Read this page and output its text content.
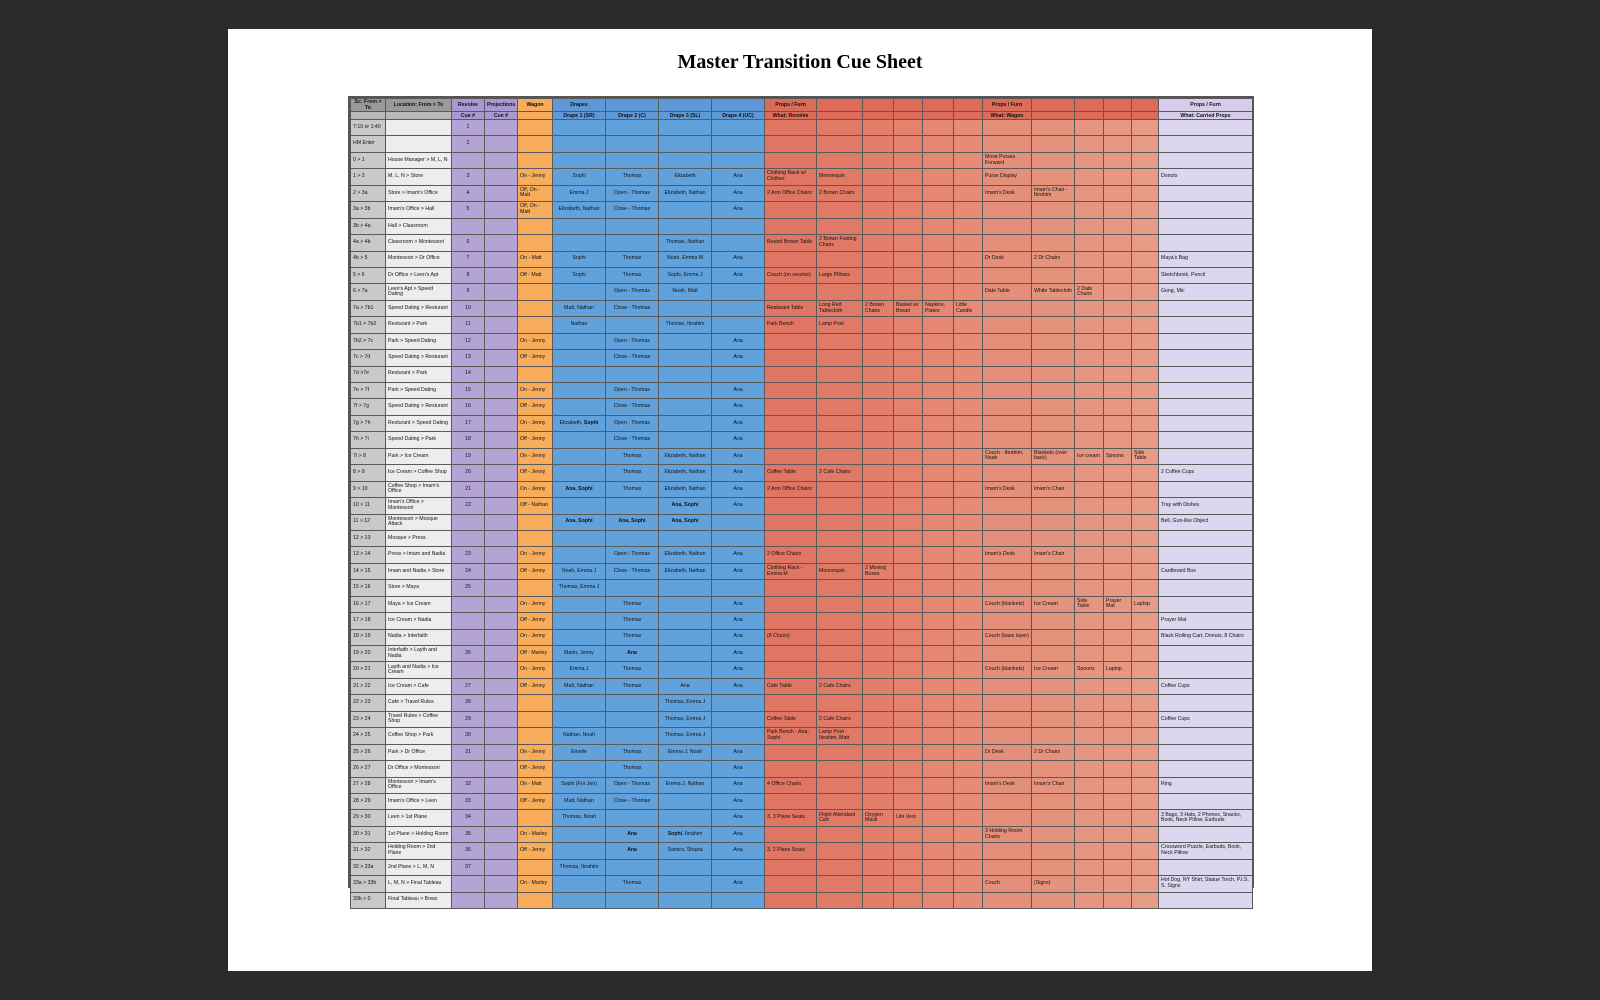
Master Transition Cue Sheet
Sc: From > To	Location: From > To	Revolve	Projections	Wagon	Drapes				Props / Furn						Props / Furn					Props / Furn
		Cue #	Cue #		Drape 1 (SR)	Drape 2 (C)	Drape 3 (SL)	Drape 4 (UC)	What: Revolve						What: Wagon					What: Carried Props
7:10 or 1:40		1																		
HM Enter		2																		
0 > 1	House Manager > M, L, N														Move Purses Forward					
1 > 2	M, L, N > Store	3		On - Jenny	Sophi	Thomas	Elizabeth	Ana	Clothing Rack w/ Clothes	Mennequin					Purse Display					Donuts
2 > 3a	Store > Imam's Office	4		Off, On - Matt	Emma J	Open - Thomas	Elizabeth, Nathan	Ana	2 Arm Office Chairs	2 Brown Chairs					Imam's Desk	Imam's Chair - Ibrahim				
3a > 3b	Imam's Office > Hall	5		Off, On - Matt	Elizabeth, Nathan	Close - Thomas		Ana												
3b > 4a	Hall > Classroom																			
4a > 4b	Classroom > Montessori	6					Thomas, Nathan		Round Brown Table	2 Brown Folding Chairs										
4b > 5	Montessori > Dr Office	7		On - Matt	Sophi	Thomas	Noah, Emma M	Ana							Dr Desk	2 Dr Chairs				Maya's Bag
5 > 6	Dr Office > Leen's Apt	8		Off - Matt	Sophi	Thomas	Sophi, Emma J	Ana	Couch (on revolve)	Large Pillows										Sketchbook, Pencil
6 > 7a	Leen's Apt > Speed Dating	9				Open - Thomas	Noah, Matt								Date Table	White Tablecloth	2 Date Chairs			Gong, Mic
7a > 7b1	Speed Dating > Resturant	10			Matt, Nathan	Close - Thomas			Resturant Table	Long Red Tablecloth	2 Brown Chairs	Basket w/ Bread	Napkins, Plates	Little Candle						
7b1 > 7b2	Resturant > Park	11			Nathan		Thomas, Ibrahim		Park Bench	Lamp Post										
7b2 > 7c	Park > Speed Dating	12		On - Jenny		Open - Thomas		Ana												
7c > 7d	Speed Dating > Resturant	13		Off - Jenny		Close - Thomas		Ana												
7d >7e	Resturant > Park	14																		
7e > 7f	Park > Speed Dating	15		On - Jenny		Open - Thomas		Ana												
7f > 7g	Speed Dating > Resturant	16		Off - Jenny		Close - Thomas		Ana												
7g > 7h	Resturant > Speed Dating	17		On - Jenny	Elizabeth, Sophi	Open - Thomas		Ana												
7h > 7i	Speed Dating > Park	18		Off - Jenny		Close - Thomas		Ana												
7i > 8	Park > Ice Cream	19		On - Jenny		Thomas	Elizabeth, Nathan	Ana							Couch - Ibrahim, Noah	Blankets (over back)	Ice cream	Spoons	Side Table	
8 > 9	Ice Cream > Coffee Shop	20		Off - Jenny		Thomas	Elizabeth, Nathan	Ana	Coffee Table	2 Cafe Chairs										2 Coffee Cups
9 > 10	Coffee Shop > Imam's Office	21		On - Jenny	Ana, Sophi	Thomas	Elizabeth, Nathan	Ana	2 Arm Office Chairs						Imam's Desk	Imam's Chair				
10 > 11	Imam's Office > Montessori	22		Off - Nathan			Ana, Sophi	Ana												Tray with Dishes
11 > 12	Montessori > Mosque Attack				Ana, Sophi	Ana, Sophi	Ana, Sophi													Bell, Gun-like Object
12 > 13	Mosque > Press																			
13 > 14	Press > Imam and Nadia	23		On - Jenny		Open - Thomas	Elizabeth, Nathan	Ana	2 Office Chairs						Imam's Desk	Imam's Chair				
14 > 15	Imam and Nadia > Store	24		Off - Jenny	Noah, Emma J	Close - Thomas	Elizabeth, Nathan	Ana	Clothing Rack - Emma M	Mennequin	2 Moving Boxes									Cardboard Box
15 > 16	Store > Maya	25			Thomas, Emma J															
16 > 17	Maya > Ice Cream			On - Jenny		Thomas		Ana							Couch (blankets)	Ice Cream	Side Table	Prayer Mat	Laptop	
17 > 18	Ice Cream > Nadia			Off - Jenny		Thomas		Ana												Prayer Mat
18 > 19	Nadia > Interfaith			On - Jenny		Thomas		Ana	(8 Chairs)						Couch (base layer)					Black Rolling Cart, Donuts, 8 Chairs
19 > 20	Interfaith > Layth and Nadia	26		Off - Marley	Marin, Jenny	Ana		Ana												
20 > 21	Layth and Nadia > Ice Cream			On - Jenny	Emma J	Thomas		Ana							Couch (blankets)	Ice Cream	Spoons	Laptop		
21 > 22	Ice Cream > Cafe	27		Off - Jenny	Matt, Nathan	Thomas	Ana	Ana	Cafe Table	2 Cafe Chairs										Coffee Cups
22 > 23	Cafe > Travel Rules	28					Thomas, Emma J													
23 > 24	Travel Rules > Coffee Shop	29					Thomas, Emma J		Coffee Table	2 Cafe Chairs										Coffee Cups
24 > 25	Coffee Shop > Park	30			Nathan, Noah		Thomas, Emma J		Park Bench - Ana, Sophi	Lamp Post - Ibrahim, Matt										
25 > 26	Park > Dr Office	31		On - Jenny	Emelie	Thomas	Emma J, Noah	Ana							Dr Desk	2 Dr Chairs				
26 > 27	Dr Office > Montessori			Off - Jenny		Thomas		Ana												
27 > 28	Montessori > Imam's Office	32		On - Matt	Sophi (For Jen)	Open - Thomas	Emma J, Nathan	Ana	4 Office Chairs						Imam's Desk	Imam's Chair				Ring
28 > 29	Imam's Office > Leen	33		Off - Jenny	Matt, Nathan	Close - Thomas		Ana												
29 > 30	Leen > 1st Plane	34			Thomas, Noah			Ana	3, 3 Plane Seats	Flight Attendant Cart	Oxygen Mask	Life Vest								3 Bags, 3 Hats, 2 Phones, Snacks, Book, Neck Pillow, Earbuds
30 > 31	1st Plane > Holding Room	35		On - Marley		Ana	Sophi, Ibrahim	Ana							3 Holding Room Chairs					
31 > 32	Holding Room > 2nd Plane	36		Off - Jenny		Ana	Samira, Shazia	Ana	3, 2 Plane Seats											Crossword Puzzle, Earbuds, Book, Neck Pillow
32 > 33a	2nd Plane > L, M, N	37			Thomas, Ibrahim															
33a > 33b	L, M, N > Final Tableau			On - Marley		Thomas		Ana							Couch	(Signs)				Hot Dog, NY Shirt, Statue Torch, P.I.S. S. Signs
33b > 0	Final Tableau > Bows																			
